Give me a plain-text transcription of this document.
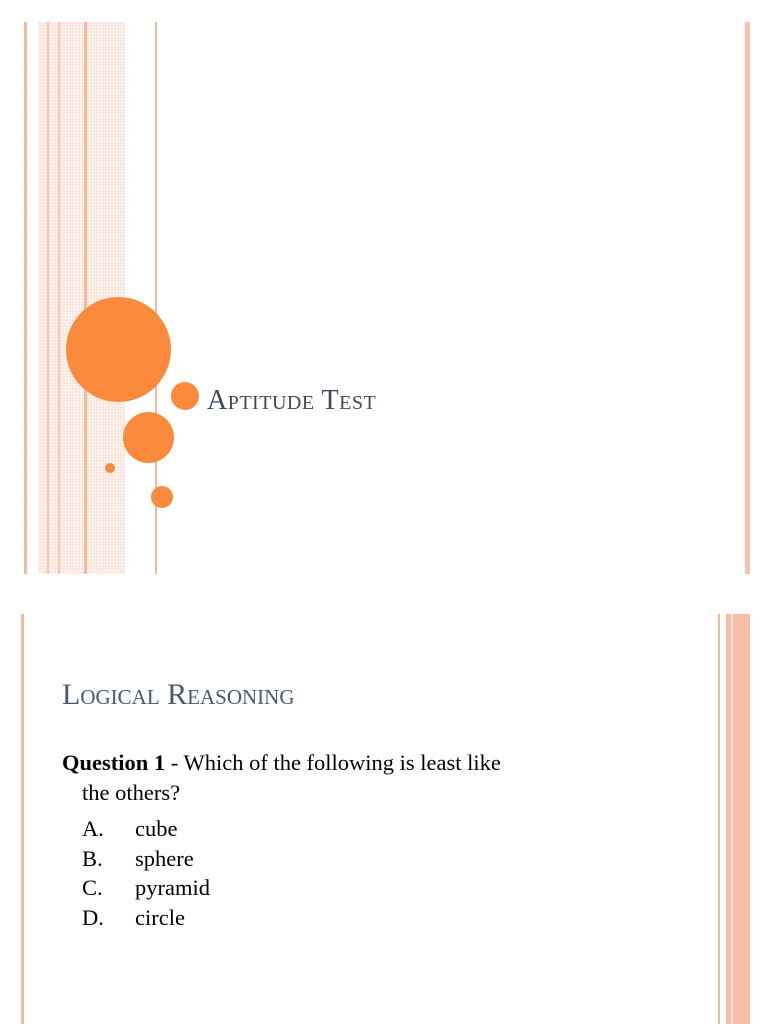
Aptitude Test
Logical Reasoning

Question 1 - Which of the following is least like
the others?

A.	cube
B.	sphere
C.	pyramid
D.	circle
